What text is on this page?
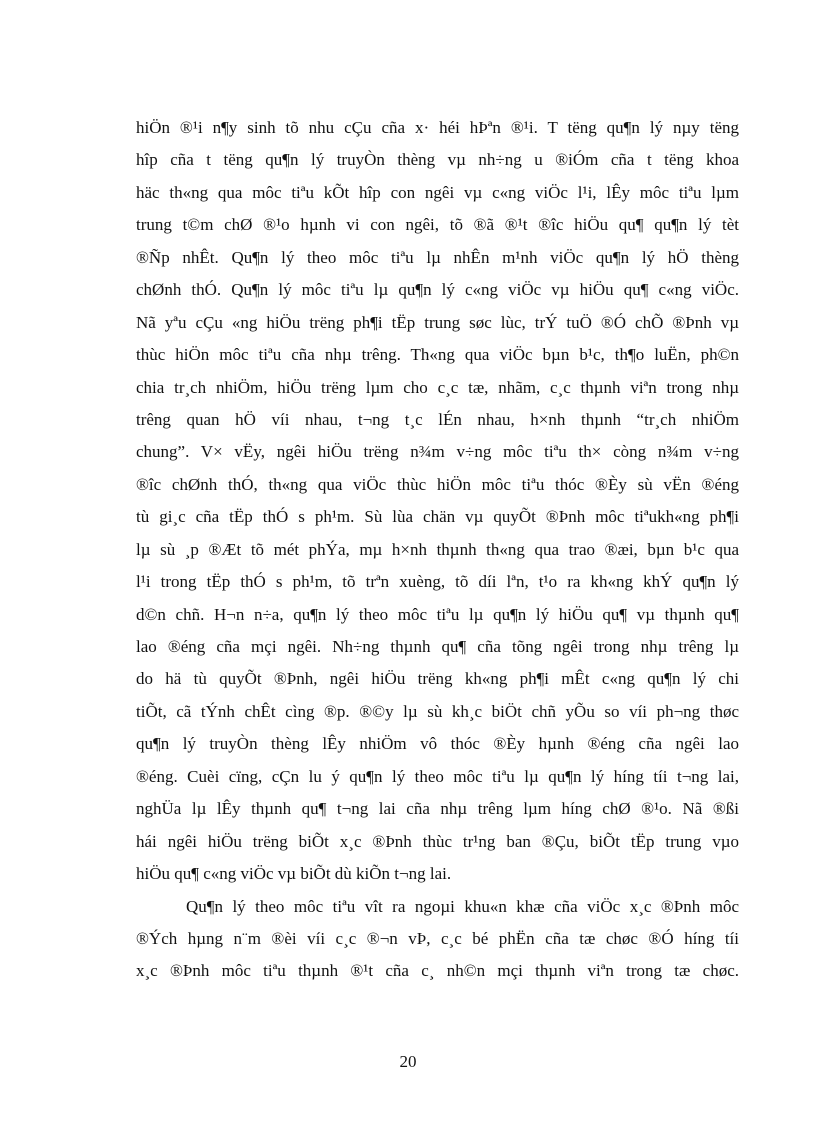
hiÖn ®¹i n¶y sinh tõ nhu cÇu cña x· héi hÞªn ®¹i. T tëng qu¶n lý nµy tëng
hîp cña t tëng qu¶n lý truyÒn thèng vµ nh÷ng u ®iÓm cña t tëng khoa
häc th«ng qua môc tiªu kÕt hîp con ngêi vµ c«ng viÖc l¹i, lÊy môc tiªu lµm
trung t©m chØ ®¹o hµnh vi con ngêi, tõ ®ã ®¹t ®îc hiÖu qu¶ qu¶n lý tèt
®Ñp nhÊt. Qu¶n lý theo môc tiªu lµ nhÊn m¹nh viÖc qu¶n lý hÖ thèng
chØnh thÓ. Qu¶n lý môc tiªu lµ qu¶n lý c«ng viÖc vµ hiÖu qu¶ c«ng viÖc.
Nã yªu cÇu «ng hiÖu trëng ph¶i tËp trung søc lùc, trÝ tuÖ ®Ó chÕ ®Þnh vµ
thùc hiÖn môc tiªu cña nhµ trêng. Th«ng qua viÖc bµn b¹c, th¶o luËn, ph©n
chia tr¸ch nhiÖm, hiÖu trëng lµm cho c¸c tæ, nhãm, c¸c thµnh viªn trong nhµ
trêng quan hÖ víi nhau, t¬ng t¸c lÉn nhau, h×nh thµnh “tr¸ch nhiÖm
chung”. V× vËy, ngêi hiÖu trëng n¾m v÷ng môc tiªu th× còng n¾m v÷ng
®îc chØnh thÓ, th«ng qua viÖc thùc hiÖn môc tiªu thóc ®Èy sù vËn ®éng
tù gi¸c cña tËp thÓ s ph¹m. Sù lùa chän vµ quyÕt ®Þnh môc tiªukh«ng ph¶i
lµ sù ¸p ®Æt tõ mét phÝa, mµ h×nh thµnh th«ng qua trao ®æi, bµn b¹c qua
l¹i trong tËp thÓ s ph¹m, tõ trªn xuèng, tõ díi lªn, t¹o ra kh«ng khÝ qu¶n lý
d©n chñ. H¬n n÷a, qu¶n lý theo môc tiªu lµ qu¶n lý hiÖu qu¶ vµ thµnh qu¶
lao ®éng cña mçi ngêi. Nh÷ng thµnh qu¶ cña tõng ngêi trong nhµ trêng lµ
do hä tù quyÕt ®Þnh, ngêi hiÖu trëng kh«ng ph¶i mÊt c«ng qu¶n lý chi
tiÕt, cã tÝnh chÊt cìng ®p. ®©y lµ sù kh¸c biÖt chñ yÕu so víi ph¬ng thøc
qu¶n lý truyÒn thèng lÊy nhiÖm vô thóc ®Èy hµnh ®éng cña ngêi lao
®éng. Cuèi cïng, cÇn lu ý qu¶n lý theo môc tiªu lµ qu¶n lý híng tíi t¬ng lai,
nghÜa lµ lÊy thµnh qu¶ t¬ng lai cña nhµ trêng lµm híng chØ ®¹o. Nã ®ßi
hái ngêi hiÖu trëng biÕt x¸c ®Þnh thùc tr¹ng ban ®Çu, biÕt tËp trung vµo
hiÖu qu¶ c«ng viÖc vµ biÕt dù kiÕn t¬ng lai.
Qu¶n lý theo môc tiªu vît ra ngoµi khu«n khæ cña viÖc x¸c ®Þnh môc
®Ých hµng n¨m ®èi víi c¸c ®¬n vÞ, c¸c bé phËn cña tæ chøc ®Ó híng tíi
x¸c ®Þnh môc tiªu thµnh ®¹t cña c¸ nh©n mçi thµnh viªn trong tæ chøc.
20
